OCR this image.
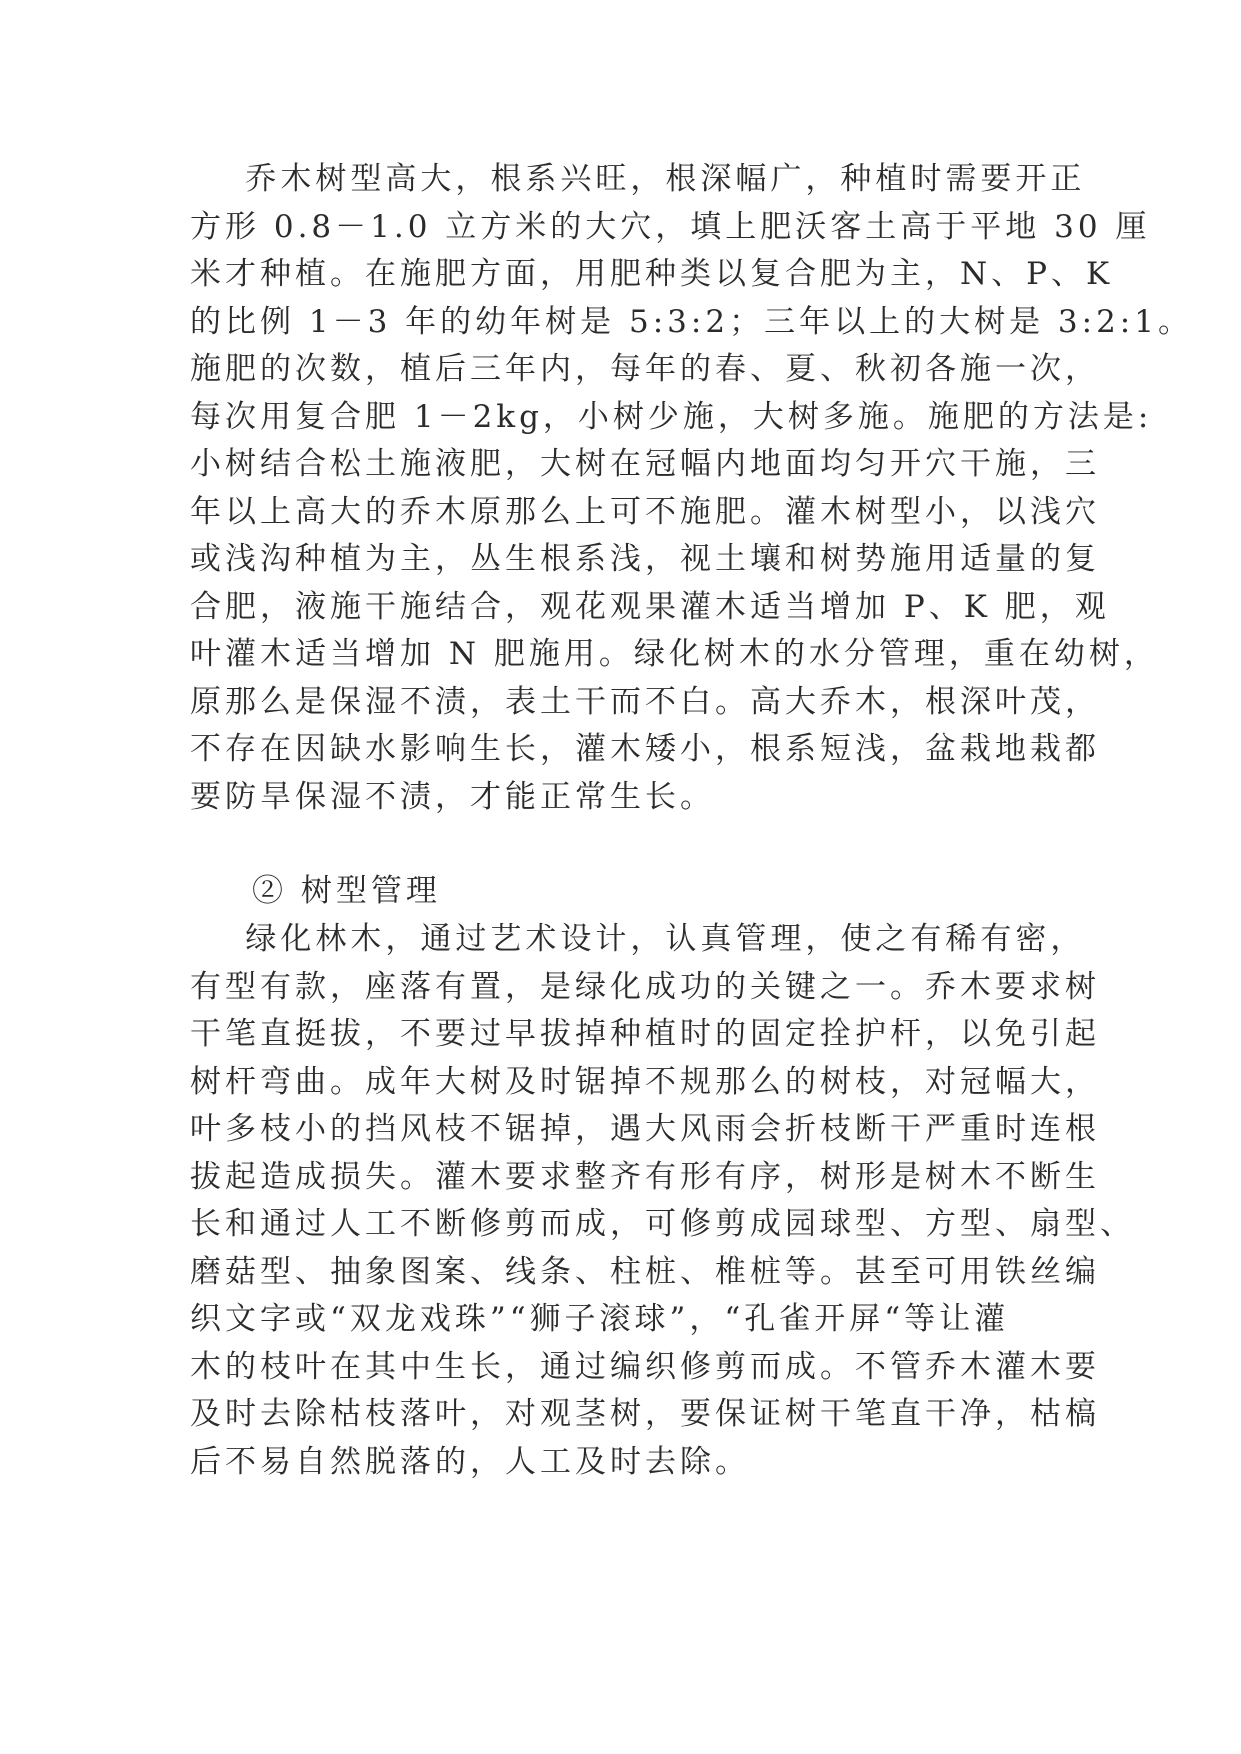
乔木树型高大，根系兴旺，根深幅广，种植时需要开正
方形 0.8－1.0 立方米的大穴，填上肥沃客土高于平地 30 厘
米才种植。在施肥方面，用肥种类以复合肥为主，N、P、K
的比例 1－3 年的幼年树是 5:3:2；三年以上的大树是 3:2:1。
施肥的次数，植后三年内，每年的春、夏、秋初各施一次，
每次用复合肥 1－2kg，小树少施，大树多施。施肥的方法是:
小树结合松土施液肥，大树在冠幅内地面均匀开穴干施，三
年以上高大的乔木原那么上可不施肥。灌木树型小，以浅穴
或浅沟种植为主，丛生根系浅，视土壤和树势施用适量的复
合肥，液施干施结合，观花观果灌木适当增加 P、K 肥，观
叶灌木适当增加 N 肥施用。绿化树木的水分管理，重在幼树，
原那么是保湿不渍，表土干而不白。高大乔木，根深叶茂，
不存在因缺水影响生长，灌木矮小，根系短浅，盆栽地栽都
要防旱保湿不渍，才能正常生长。
② 树型管理
绿化林木，通过艺术设计，认真管理，使之有稀有密，
有型有款，座落有置，是绿化成功的关键之一。乔木要求树
干笔直挺拔，不要过早拔掉种植时的固定拴护杆，以免引起
树杆弯曲。成年大树及时锯掉不规那么的树枝，对冠幅大，
叶多枝小的挡风枝不锯掉，遇大风雨会折枝断干严重时连根
拔起造成损失。灌木要求整齐有形有序，树形是树木不断生
长和通过人工不断修剪而成，可修剪成园球型、方型、扇型、
磨菇型、抽象图案、线条、柱桩、椎桩等。甚至可用铁丝编
织文字或“双龙戏珠”“狮子滚球”，“孔雀开屏“等让灌
木的枝叶在其中生长，通过编织修剪而成。不管乔木灌木要
及时去除枯枝落叶，对观茎树，要保证树干笔直干净，枯槁
后不易自然脱落的，人工及时去除。
